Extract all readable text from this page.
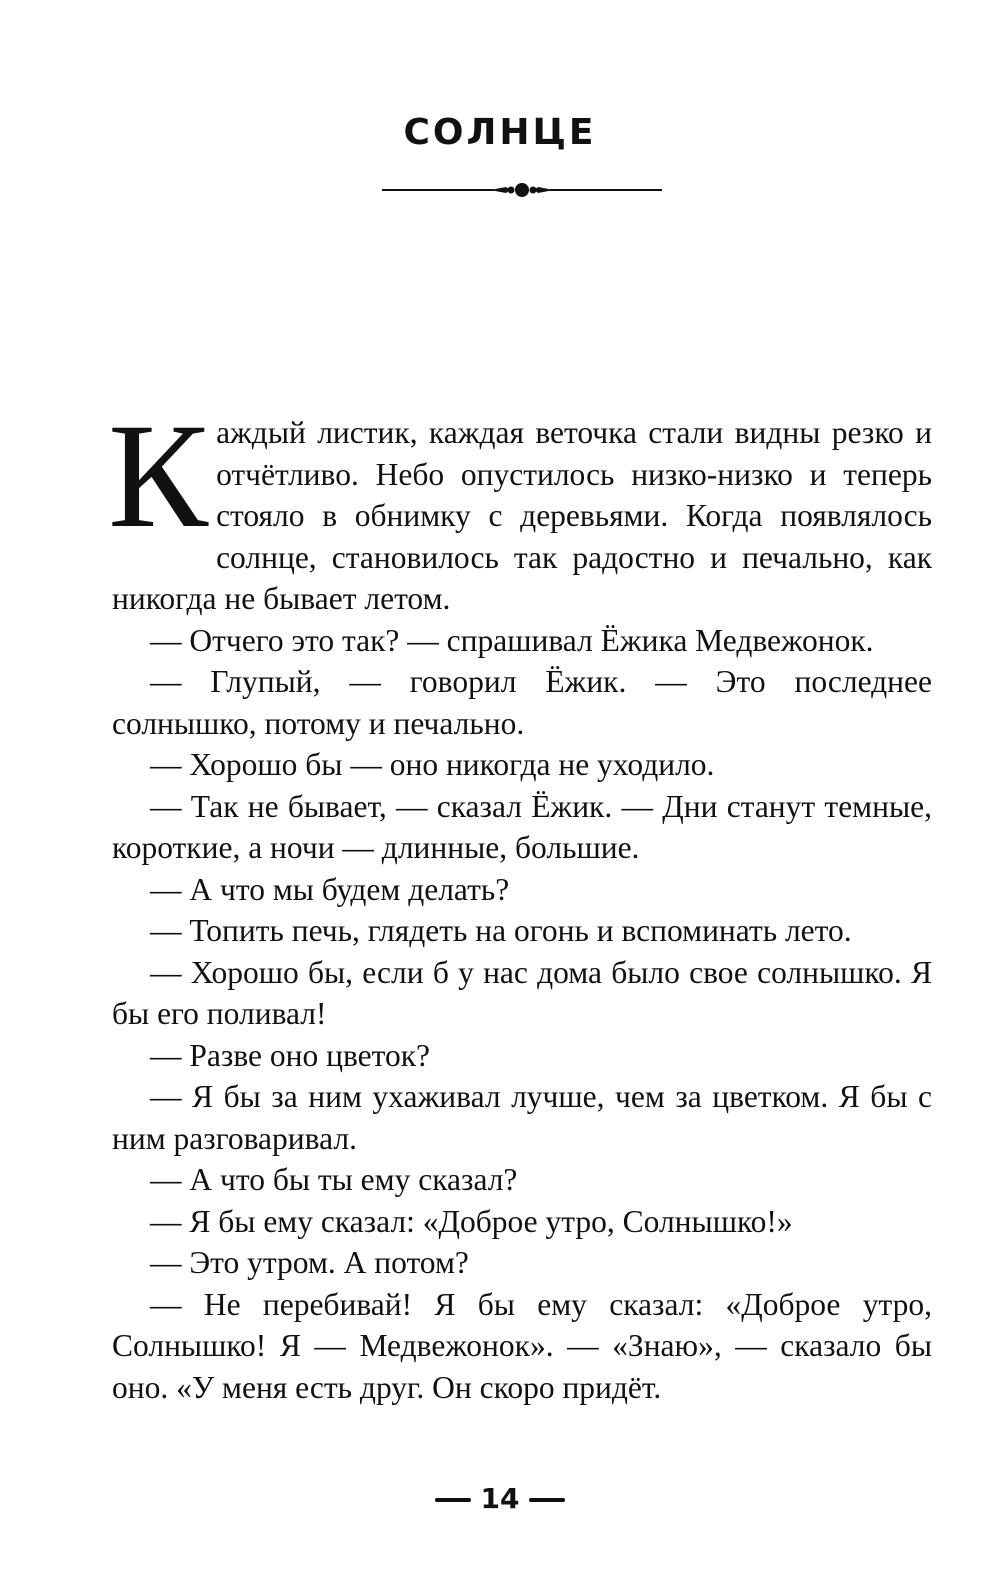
СОЛНЦЕ

Каждый листик, каждая веточка стали видны резко и отчётливо. Небо опустилось низко-низко и теперь стояло в обнимку с деревьями. Когда появлялось солнце, становилось так радостно и печально, как никогда не бывает летом.

— Отчего это так? — спрашивал Ёжика Медвежонок.

— Глупый, — говорил Ёжик. — Это последнее солнышко, потому и печально.

— Хорошо бы — оно никогда не уходило.

— Так не бывает, — сказал Ёжик. — Дни станут темные, короткие, а ночи — длинные, большие.

— А что мы будем делать?

— Топить печь, глядеть на огонь и вспоминать лето.

— Хорошо бы, если б у нас дома было свое солнышко. Я бы его поливал!

— Разве оно цветок?

— Я бы за ним ухаживал лучше, чем за цветком. Я бы с ним разговаривал.

— А что бы ты ему сказал?

— Я бы ему сказал: «Доброе утро, Солнышко!»

— Это утром. А потом?

— Не перебивай! Я бы ему сказал: «Доброе утро, Солнышко! Я — Медвежонок». — «Знаю», — сказало бы оно. «У меня есть друг. Он скоро придёт.

14
